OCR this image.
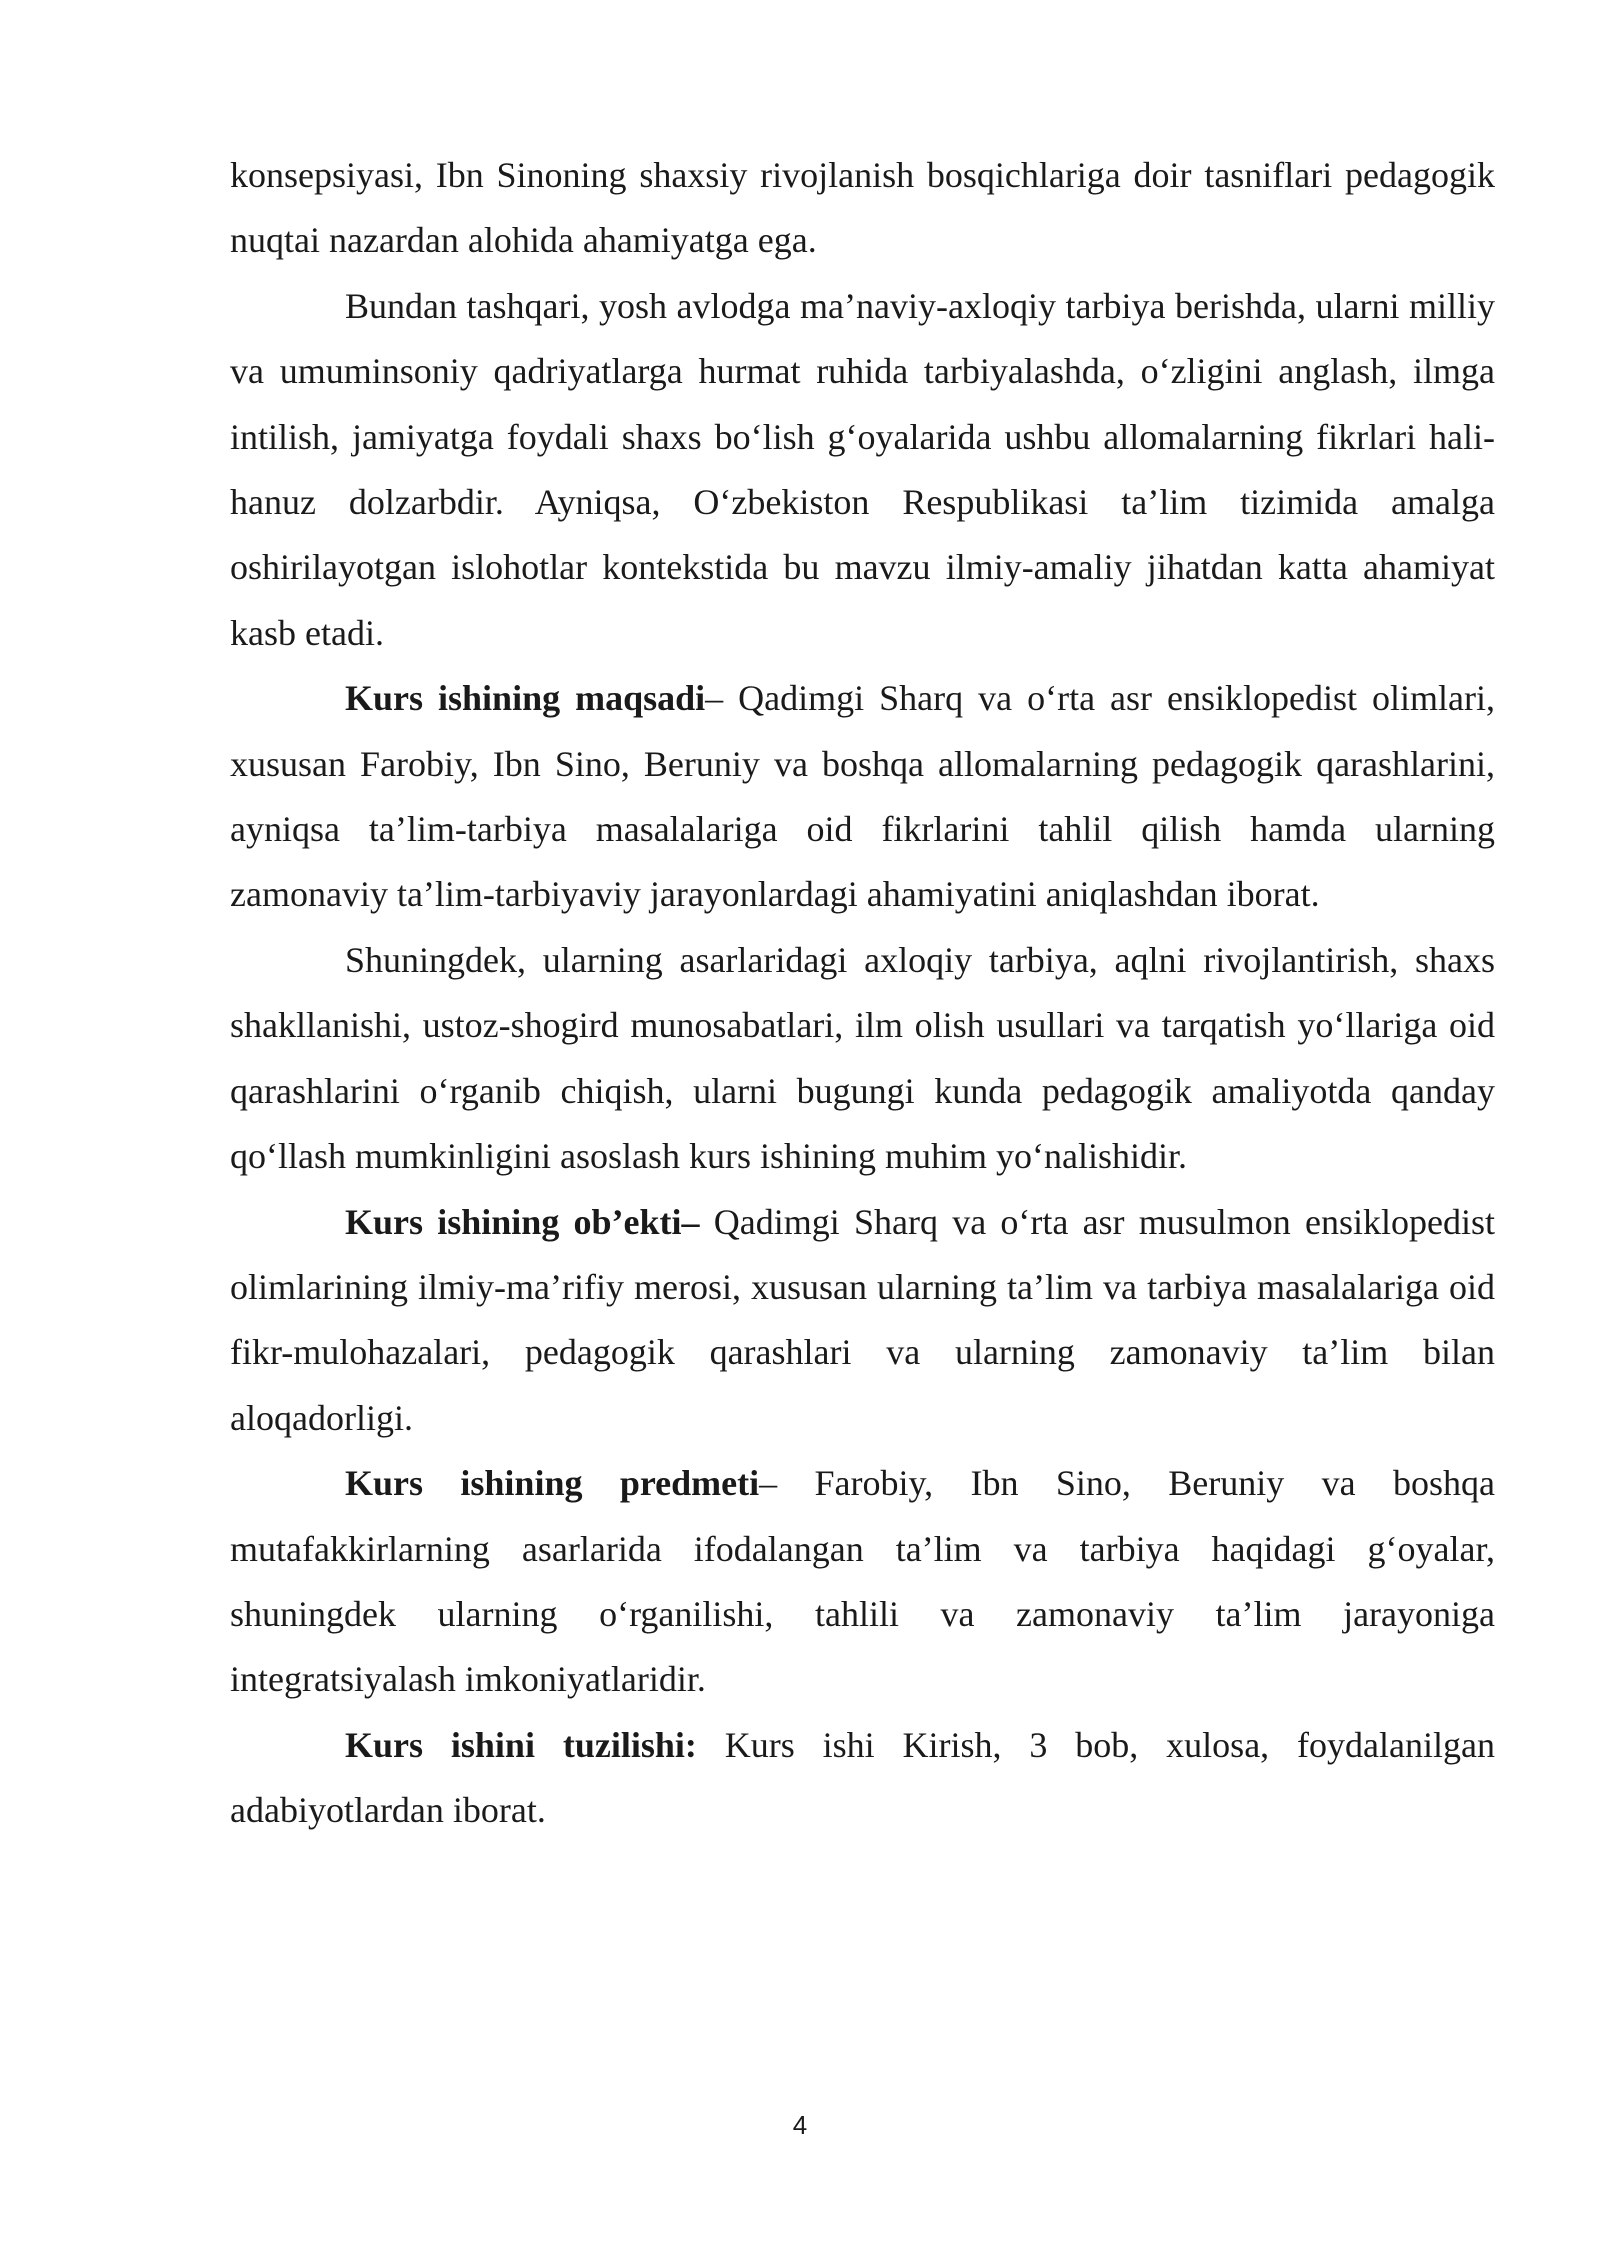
konsepsiyasi, Ibn Sinoning shaxsiy rivojlanish bosqichlariga doir tasniflari pedagogik nuqtai nazardan alohida ahamiyatga ega.

Bundan tashqari, yosh avlodga ma’naviy-axloqiy tarbiya berishda, ularni milliy va umuminsoniy qadriyatlarga hurmat ruhida tarbiyalashda, o‘zligini anglash, ilmga intilish, jamiyatga foydali shaxs bo‘lish g‘oyalarida ushbu allomalarning fikrlari hali-hanuz dolzarbdir. Ayniqsa, O‘zbekiston Respublikasi ta’lim tizimida amalga oshirilayotgan islohotlar kontekstida bu mavzu ilmiy-amaliy jihatdan katta ahamiyat kasb etadi.

Kurs ishining maqsadi– Qadimgi Sharq va o‘rta asr ensiklopedist olimlari, xususan Farobiy, Ibn Sino, Beruniy va boshqa allomalarning pedagogik qarashlarini, ayniqsa ta’lim-tarbiya masalalariga oid fikrlarini tahlil qilish hamda ularning zamonaviy ta’lim-tarbiyaviy jarayonlardagi ahamiyatini aniqlashdan iborat.

Shuningdek, ularning asarlaridagi axloqiy tarbiya, aqlni rivojlantirish, shaxs shakllanishi, ustoz-shogird munosabatlari, ilm olish usullari va tarqatish yo‘llariga oid qarashlarini o‘rganib chiqish, ularni bugungi kunda pedagogik amaliyotda qanday qo‘llash mumkinligini asoslash kurs ishining muhim yo‘nalishidir.

Kurs ishining ob’ekti– Qadimgi Sharq va o‘rta asr musulmon ensiklopedist olimlarining ilmiy-ma’rifiy merosi, xususan ularning ta’lim va tarbiya masalalariga oid fikr-mulohazalari, pedagogik qarashlari va ularning zamonaviy ta’lim bilan aloqadorligi.

Kurs ishining predmeti– Farobiy, Ibn Sino, Beruniy va boshqa mutafakkirlarning asarlarida ifodalangan ta’lim va tarbiya haqidagi g‘oyalar, shuningdek ularning o‘rganilishi, tahlili va zamonaviy ta’lim jarayoniga integratsiyalash imkoniyatlaridir.

Kurs ishini tuzilishi: Kurs ishi Kirish, 3 bob, xulosa, foydalanilgan adabiyotlardan iborat.

4
